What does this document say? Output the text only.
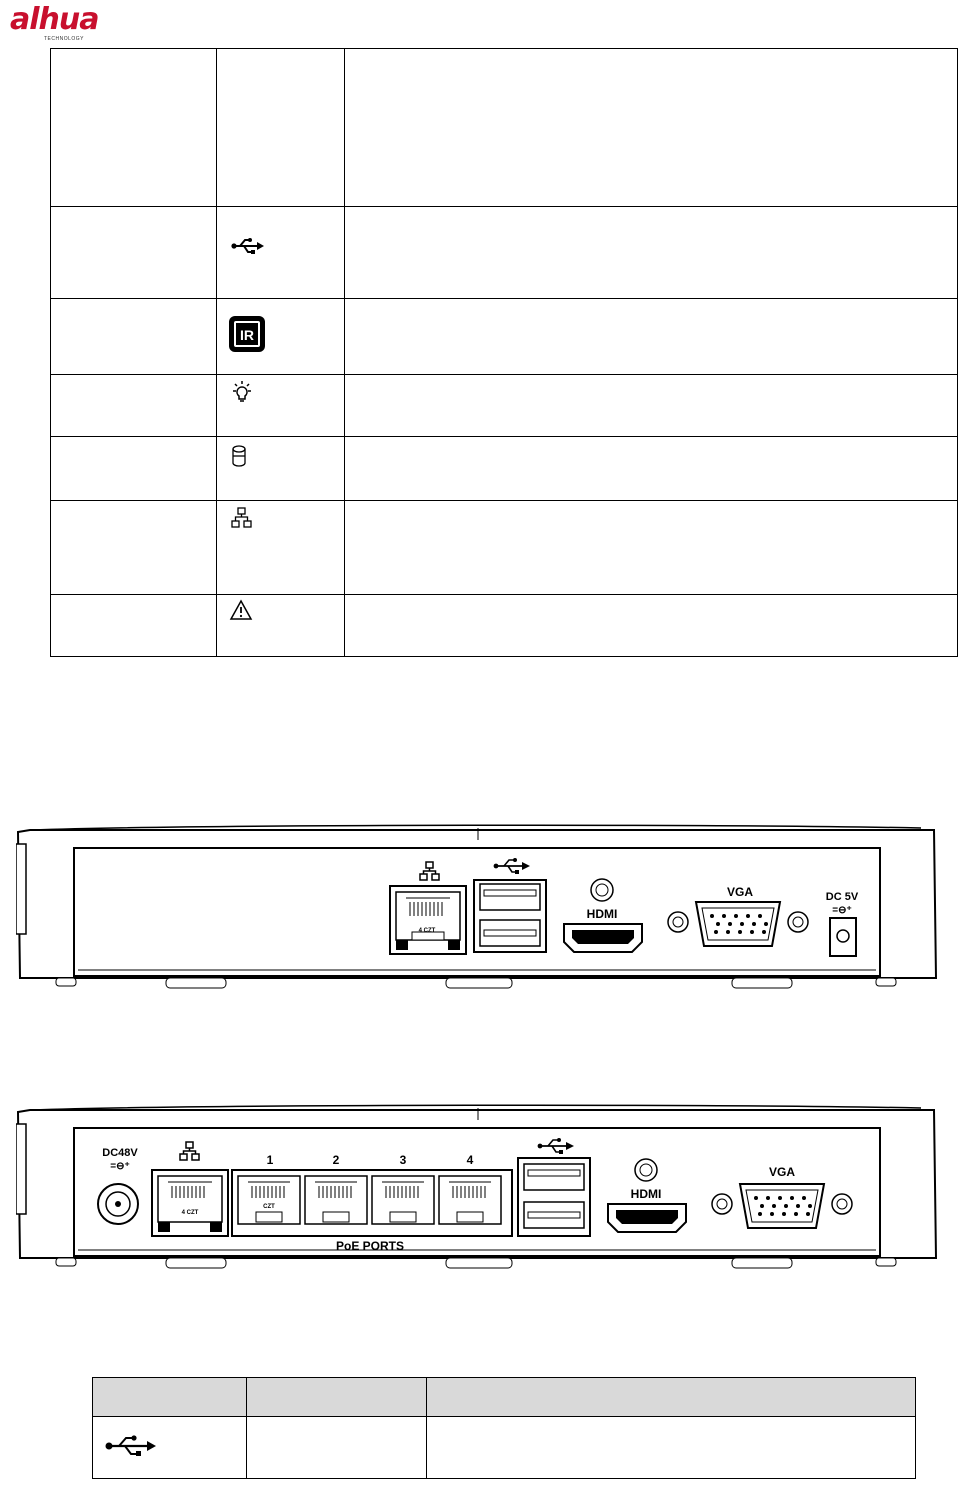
alhua
TECHNOLOGY

IR	

4 CZT
HDMI
VGA	DC 5V
=⊖⁺
DC48V
=⊖⁺
4 CZT
1	2	3	4
CZT
PoE PORTS
HDMI
VGA
